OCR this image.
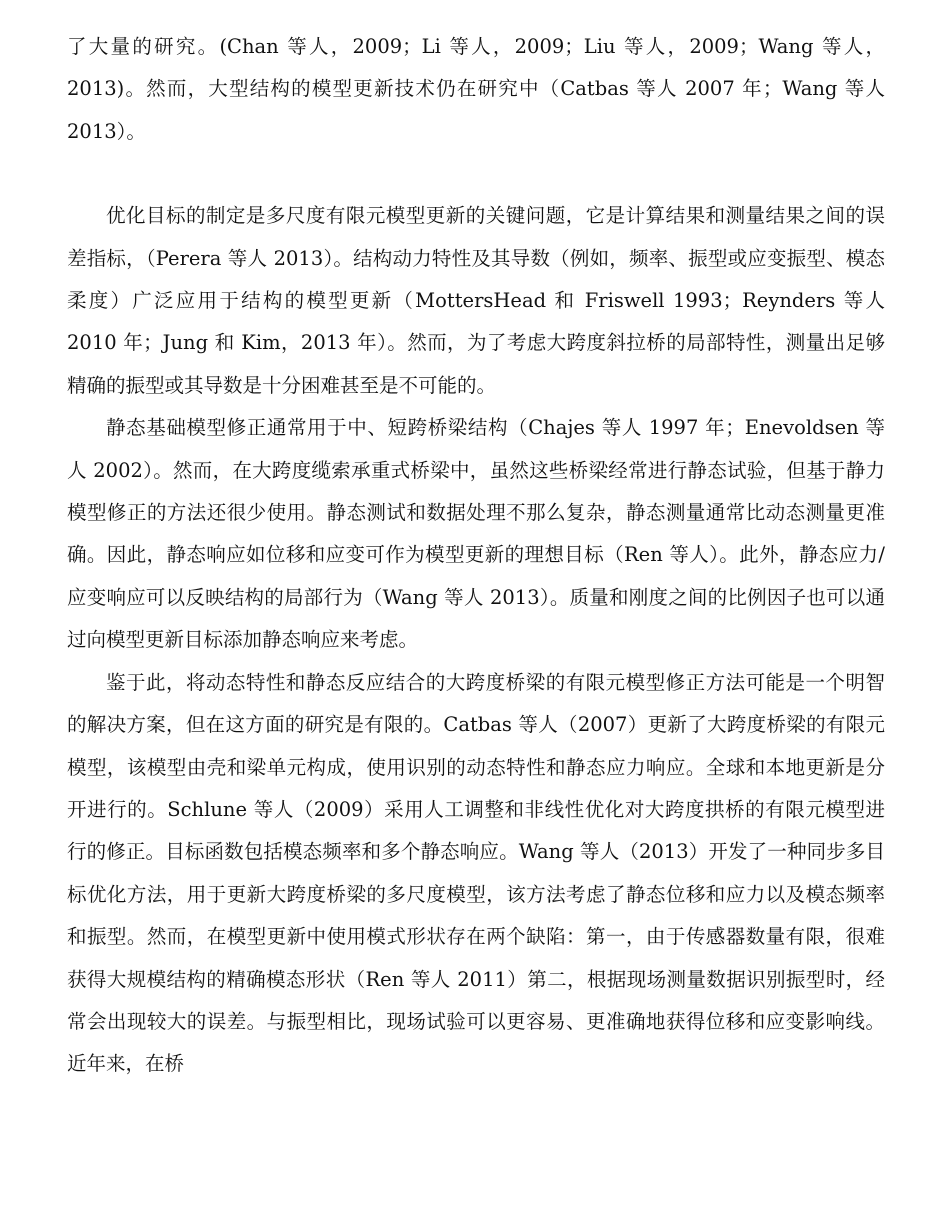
了大量的研究。(Chan 等人，2009；Li 等人，2009；Liu 等人，2009；Wang 等人，2013)。然而，大型结构的模型更新技术仍在研究中（Catbas 等人 2007 年；Wang 等人 2013）。

优化目标的制定是多尺度有限元模型更新的关键问题，它是计算结果和测量结果之间的误差指标，（Perera 等人 2013）。结构动力特性及其导数（例如，频率、振型或应变振型、模态柔度）广泛应用于结构的模型更新（MottersHead 和 Friswell 1993；Reynders 等人 2010 年；Jung 和 Kim，2013 年）。然而，为了考虑大跨度斜拉桥的局部特性，测量出足够精确的振型或其导数是十分困难甚至是不可能的。

静态基础模型修正通常用于中、短跨桥梁结构（Chajes 等人 1997 年；Enevoldsen 等人 2002）。然而，在大跨度缆索承重式桥梁中，虽然这些桥梁经常进行静态试验，但基于静力模型修正的方法还很少使用。静态测试和数据处理不那么复杂，静态测量通常比动态测量更准确。因此，静态响应如位移和应变可作为模型更新的理想目标（Ren 等人）。此外，静态应力/应变响应可以反映结构的局部行为（Wang 等人 2013）。质量和刚度之间的比例因子也可以通过向模型更新目标添加静态响应来考虑。

鉴于此，将动态特性和静态反应结合的大跨度桥梁的有限元模型修正方法可能是一个明智的解决方案，但在这方面的研究是有限的。Catbas 等人（2007）更新了大跨度桥梁的有限元模型，该模型由壳和梁单元构成，使用识别的动态特性和静态应力响应。全球和本地更新是分开进行的。Schlune 等人（2009）采用人工调整和非线性优化对大跨度拱桥的有限元模型进行的修正。目标函数包括模态频率和多个静态响应。Wang 等人（2013）开发了一种同步多目标优化方法，用于更新大跨度桥梁的多尺度模型，该方法考虑了静态位移和应力以及模态频率和振型。然而，在模型更新中使用模式形状存在两个缺陷：第一，由于传感器数量有限，很难获得大规模结构的精确模态形状（Ren 等人 2011）第二，根据现场测量数据识别振型时，经常会出现较大的误差。与振型相比，现场试验可以更容易、更准确地获得位移和应变影响线。近年来，在桥
